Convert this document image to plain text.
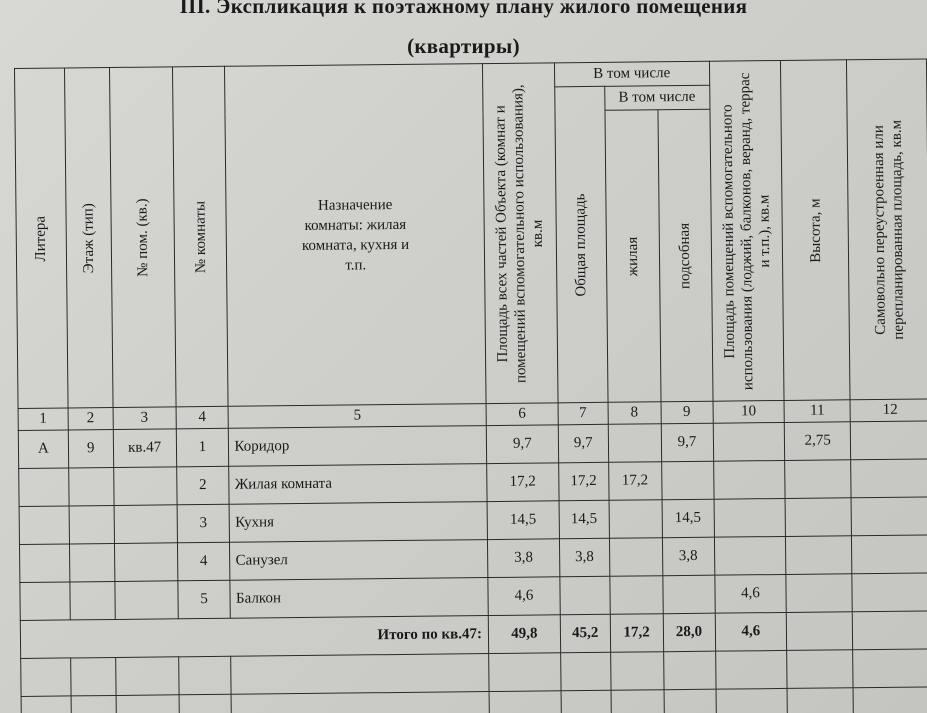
III. Экспликация к поэтажному плану жилого помещения
(квартиры)
Литера	Этаж (тип)	№ пом. (кв.)	№ комнаты	Назначение комнаты: жилая комната, кухня и т.п.	Площадь всех частей Объекта (комнат и помещений вспомогательного использования), кв.м	В том числе			Площадь помещений вспомогательного использования (лоджий, балконов, веранд, террас и т.п.), кв.м	Высота, м	Самовольно переустроенная или перепланированная площадь, кв.м

						Общая площадь	В том числе				

							жилая	подсобная			

1	2	3	4	5	6	7	8	9	10	11	12
А	9	кв.47	1	Коридор	9,7	9,7		9,7		2,75	
			2	Жилая комната	17,2	17,2	17,2				
			3	Кухня	14,5	14,5		14,5			
			4	Санузел	3,8	3,8		3,8			
			5	Балкон	4,6				4,6		
Итого по кв.47:					49,8	45,2	17,2	28,0	4,6		
